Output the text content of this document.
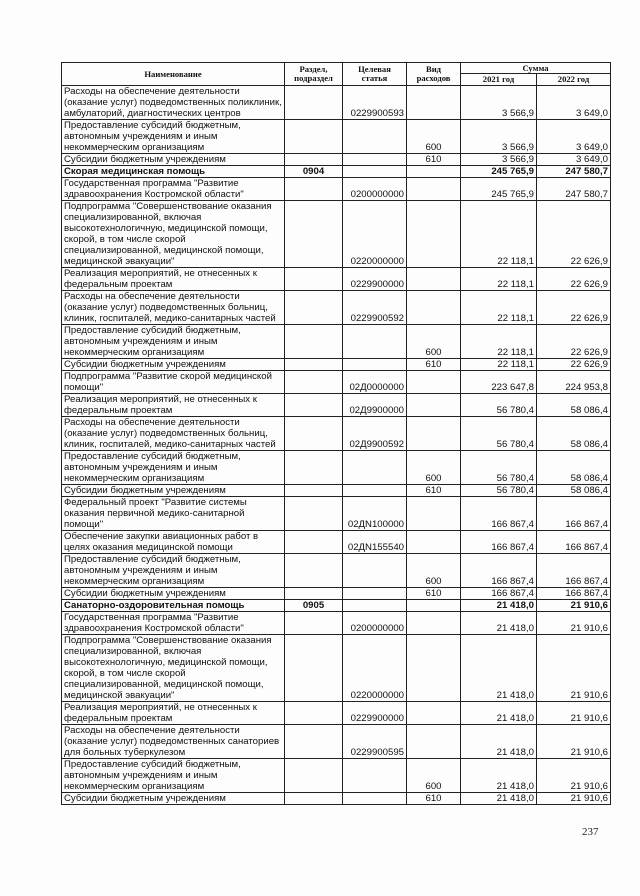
Наименование	Раздел, подраздел	Целевая статья	Вид расходов	Сумма	
				2021 год	2022 год
Расходы на обеспечение деятельности (оказание услуг) подведомственных поликлиник, амбулаторий, диагностических центров		0229900593		3 566,9	3 649,0
Предоставление субсидий бюджетным, автономным учреждениям и иным некоммерческим организациям			600	3 566,9	3 649,0
Субсидии бюджетным учреждениям			610	3 566,9	3 649,0
Скорая медицинская помощь	0904			245 765,9	247 580,7
Государственная программа "Развитие здравоохранения Костромской области"		0200000000		245 765,9	247 580,7
Подпрограмма "Совершенствование оказания специализированной, включая высокотехнологичную, медицинской помощи, скорой, в том числе скорой специализированной, медицинской помощи, медицинской эвакуации"		0220000000		22 118,1	22 626,9
Реализация мероприятий, не отнесенных к федеральным проектам		0229900000		22 118,1	22 626,9
Расходы на обеспечение деятельности (оказание услуг) подведомственных больниц, клиник, госпиталей, медико-санитарных частей		0229900592		22 118,1	22 626,9
Предоставление субсидий бюджетным, автономным учреждениям и иным некоммерческим организациям			600	22 118,1	22 626,9
Субсидии бюджетным учреждениям			610	22 118,1	22 626,9
Подпрограмма "Развитие скорой медицинской помощи"		02Д0000000		223 647,8	224 953,8
Реализация мероприятий, не отнесенных к федеральным проектам		02Д9900000		56 780,4	58 086,4
Расходы на обеспечение деятельности (оказание услуг) подведомственных больниц, клиник, госпиталей, медико-санитарных частей		02Д9900592		56 780,4	58 086,4
Предоставление субсидий бюджетным, автономным учреждениям и иным некоммерческим организациям			600	56 780,4	58 086,4
Субсидии бюджетным учреждениям			610	56 780,4	58 086,4
Федеральный проект "Развитие системы оказания первичной медико-санитарной помощи"		02ДN100000		166 867,4	166 867,4
Обеспечение закупки авиационных работ в целях оказания медицинской помощи		02ДN155540		166 867,4	166 867,4
Предоставление субсидий бюджетным, автономным учреждениям и иным некоммерческим организациям			600	166 867,4	166 867,4
Субсидии бюджетным учреждениям			610	166 867,4	166 867,4
Санаторно-оздоровительная помощь	0905			21 418,0	21 910,6
Государственная программа "Развитие здравоохранения Костромской области"		0200000000		21 418,0	21 910,6
Подпрограмма "Совершенствование оказания специализированной, включая высокотехнологичную, медицинской помощи, скорой, в том числе скорой специализированной, медицинской помощи, медицинской эвакуации"		0220000000		21 418,0	21 910,6
Реализация мероприятий, не отнесенных к федеральным проектам		0229900000		21 418,0	21 910,6
Расходы на обеспечение деятельности (оказание услуг) подведомственных санаториев для больных туберкулезом		0229900595		21 418,0	21 910,6
Предоставление субсидий бюджетным, автономным учреждениям и иным некоммерческим организациям			600	21 418,0	21 910,6
Субсидии бюджетным учреждениям			610	21 418,0	21 910,6
237
